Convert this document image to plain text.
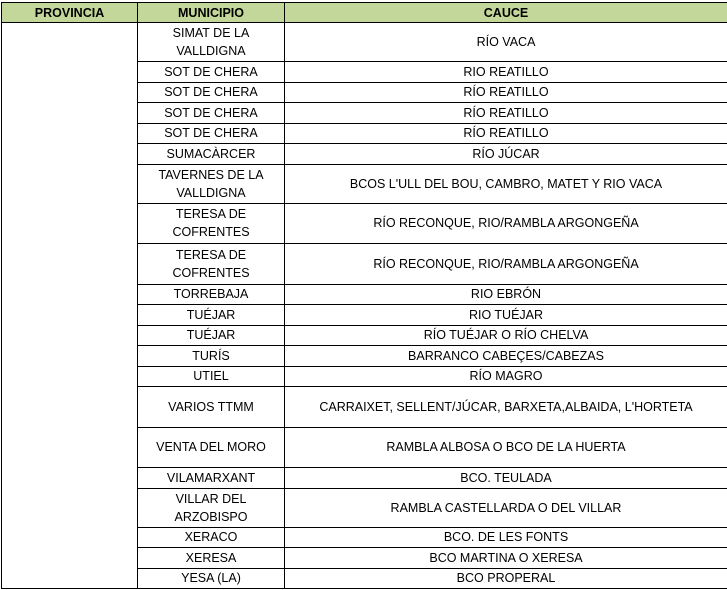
PROVINCIA	MUNICIPIO	CAUCE
	SIMAT DE LA VALLDIGNA	RÍO VACA
	SOT DE CHERA	RIO REATILLO
	SOT DE CHERA	RÍO REATILLO
	SOT DE CHERA	RÍO REATILLO
	SOT DE CHERA	RÍO REATILLO
	SUMACÀRCER	RÍO JÚCAR
	TAVERNES DE LA VALLDIGNA	BCOS L'ULL DEL BOU, CAMBRO, MATET Y RIO VACA
	TERESA DE COFRENTES	RÍO RECONQUE, RIO/RAMBLA ARGONGEÑA
	TERESA DE COFRENTES	RÍO RECONQUE, RIO/RAMBLA ARGONGEÑA
	TORREBAJA	RIO EBRÓN
	TUÉJAR	RIO TUÉJAR
	TUÉJAR	RÍO TUÉJAR O RÍO CHELVA
	TURÍS	BARRANCO CABEÇES/CABEZAS
	UTIEL	RÍO MAGRO
	VARIOS TTMM	CARRAIXET, SELLENT/JÚCAR, BARXETA,ALBAIDA, L'HORTETA
	VENTA DEL MORO	RAMBLA ALBOSA O BCO DE LA HUERTA
	VILAMARXANT	BCO. TEULADA
	VILLAR DEL ARZOBISPO	RAMBLA CASTELLARDA O DEL VILLAR
	XERACO	BCO. DE LES FONTS
	XERESA	BCO MARTINA O XERESA
	YESA (LA)	BCO PROPERAL
